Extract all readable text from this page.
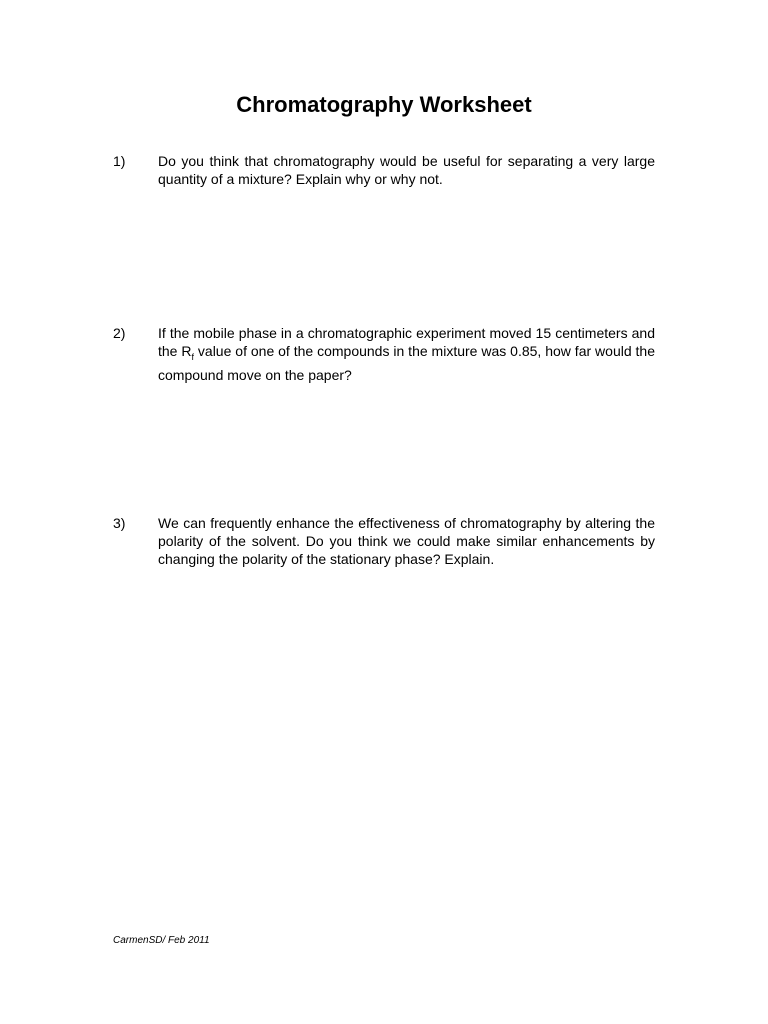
Chromatography Worksheet
1) Do you think that chromatography would be useful for separating a very large quantity of a mixture? Explain why or why not.

2) If the mobile phase in a chromatographic experiment moved 15 centimeters and the $R_f$ value of one of the compounds in the mixture was 0.85, how far would the compound move on the paper?

3) We can frequently enhance the effectiveness of chromatography by altering the polarity of the solvent. Do you think we could make similar enhancements by changing the polarity of the stationary phase? Explain.

CarmenSD/ Feb 2011
